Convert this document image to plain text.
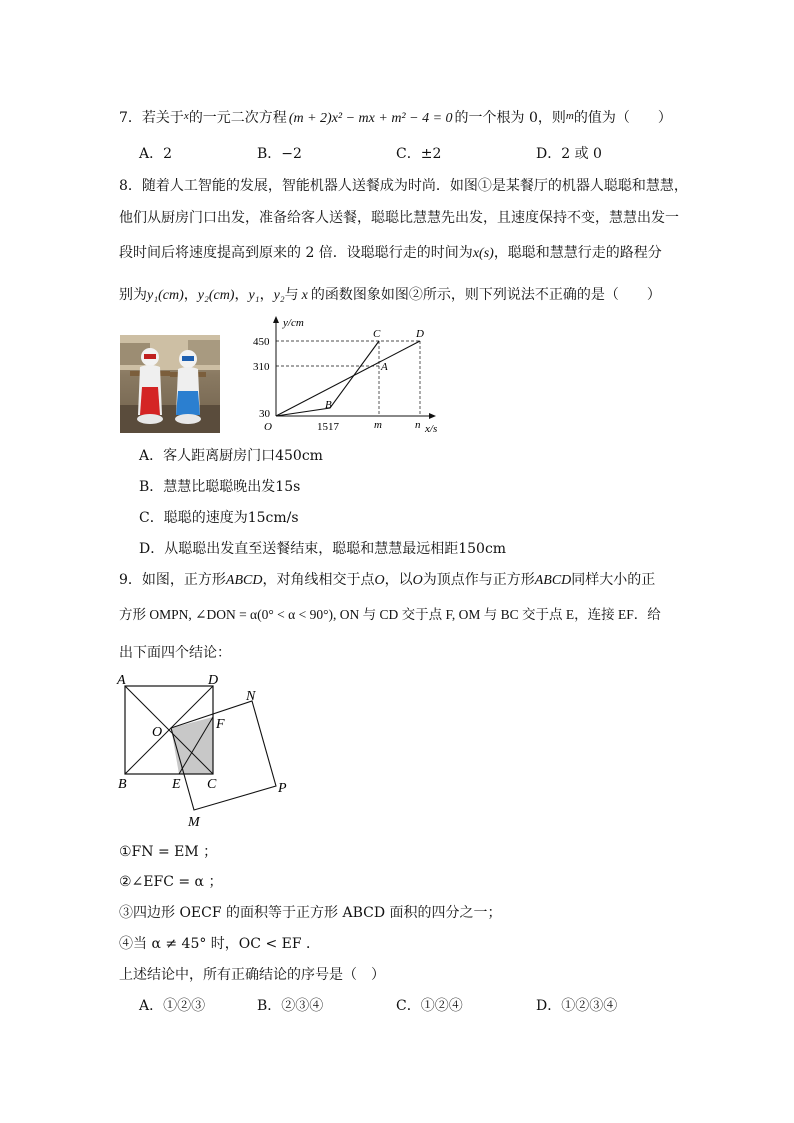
7．若关于$^x$的一元二次方程 (m + 2)x² − mx + m² − 4 = 0 的一个根为 0，则$^m$的值为（　　）
A．2	B．−2	C．±2	D．2 或 0
8．随着人工智能的发展，智能机器人送餐成为时尚．如图①是某餐厅的机器人聪聪和慧慧，
他们从厨房门口出发，准备给客人送餐，聪聪比慧慧先出发，且速度保持不变，慧慧出发一
段时间后将速度提高到原来的 2 倍．设聪聪行走的时间为x(s)，聪聪和慧慧行走的路程分
别为y₁(cm)，y₂(cm)，y₁，y₂与 x 的函数图象如图②所示，则下列说法不正确的是（　　）
y/cm
x/s
O
450
310
30
1517	m	n
A
B
C	D
A．客人距离厨房门口450cm
B．慧慧比聪聪晚出发15s
C．聪聪的速度为15cm/s
D．从聪聪出发直至送餐结束，聪聪和慧慧最远相距150cm
9．如图，正方形ABCD，对角线相交于点O，以O为顶点作与正方形ABCD同样大小的正
方形 OMPN, ∠DON = α(0° < α < 90°), ON 与 CD 交于点 F, OM 与 BC 交于点 E，连接 EF．给
出下面四个结论：
A	D
N
O
F
B	E C	P
M
①FN = EM ；
②∠EFC = α ；
③四边形 OECF 的面积等于正方形 ABCD 面积的四分之一；
④当 α ≠ 45° 时，OC < EF ．
上述结论中，所有正确结论的序号是（　）
A．①②③	B．②③④	C．①②④	D．①②③④
